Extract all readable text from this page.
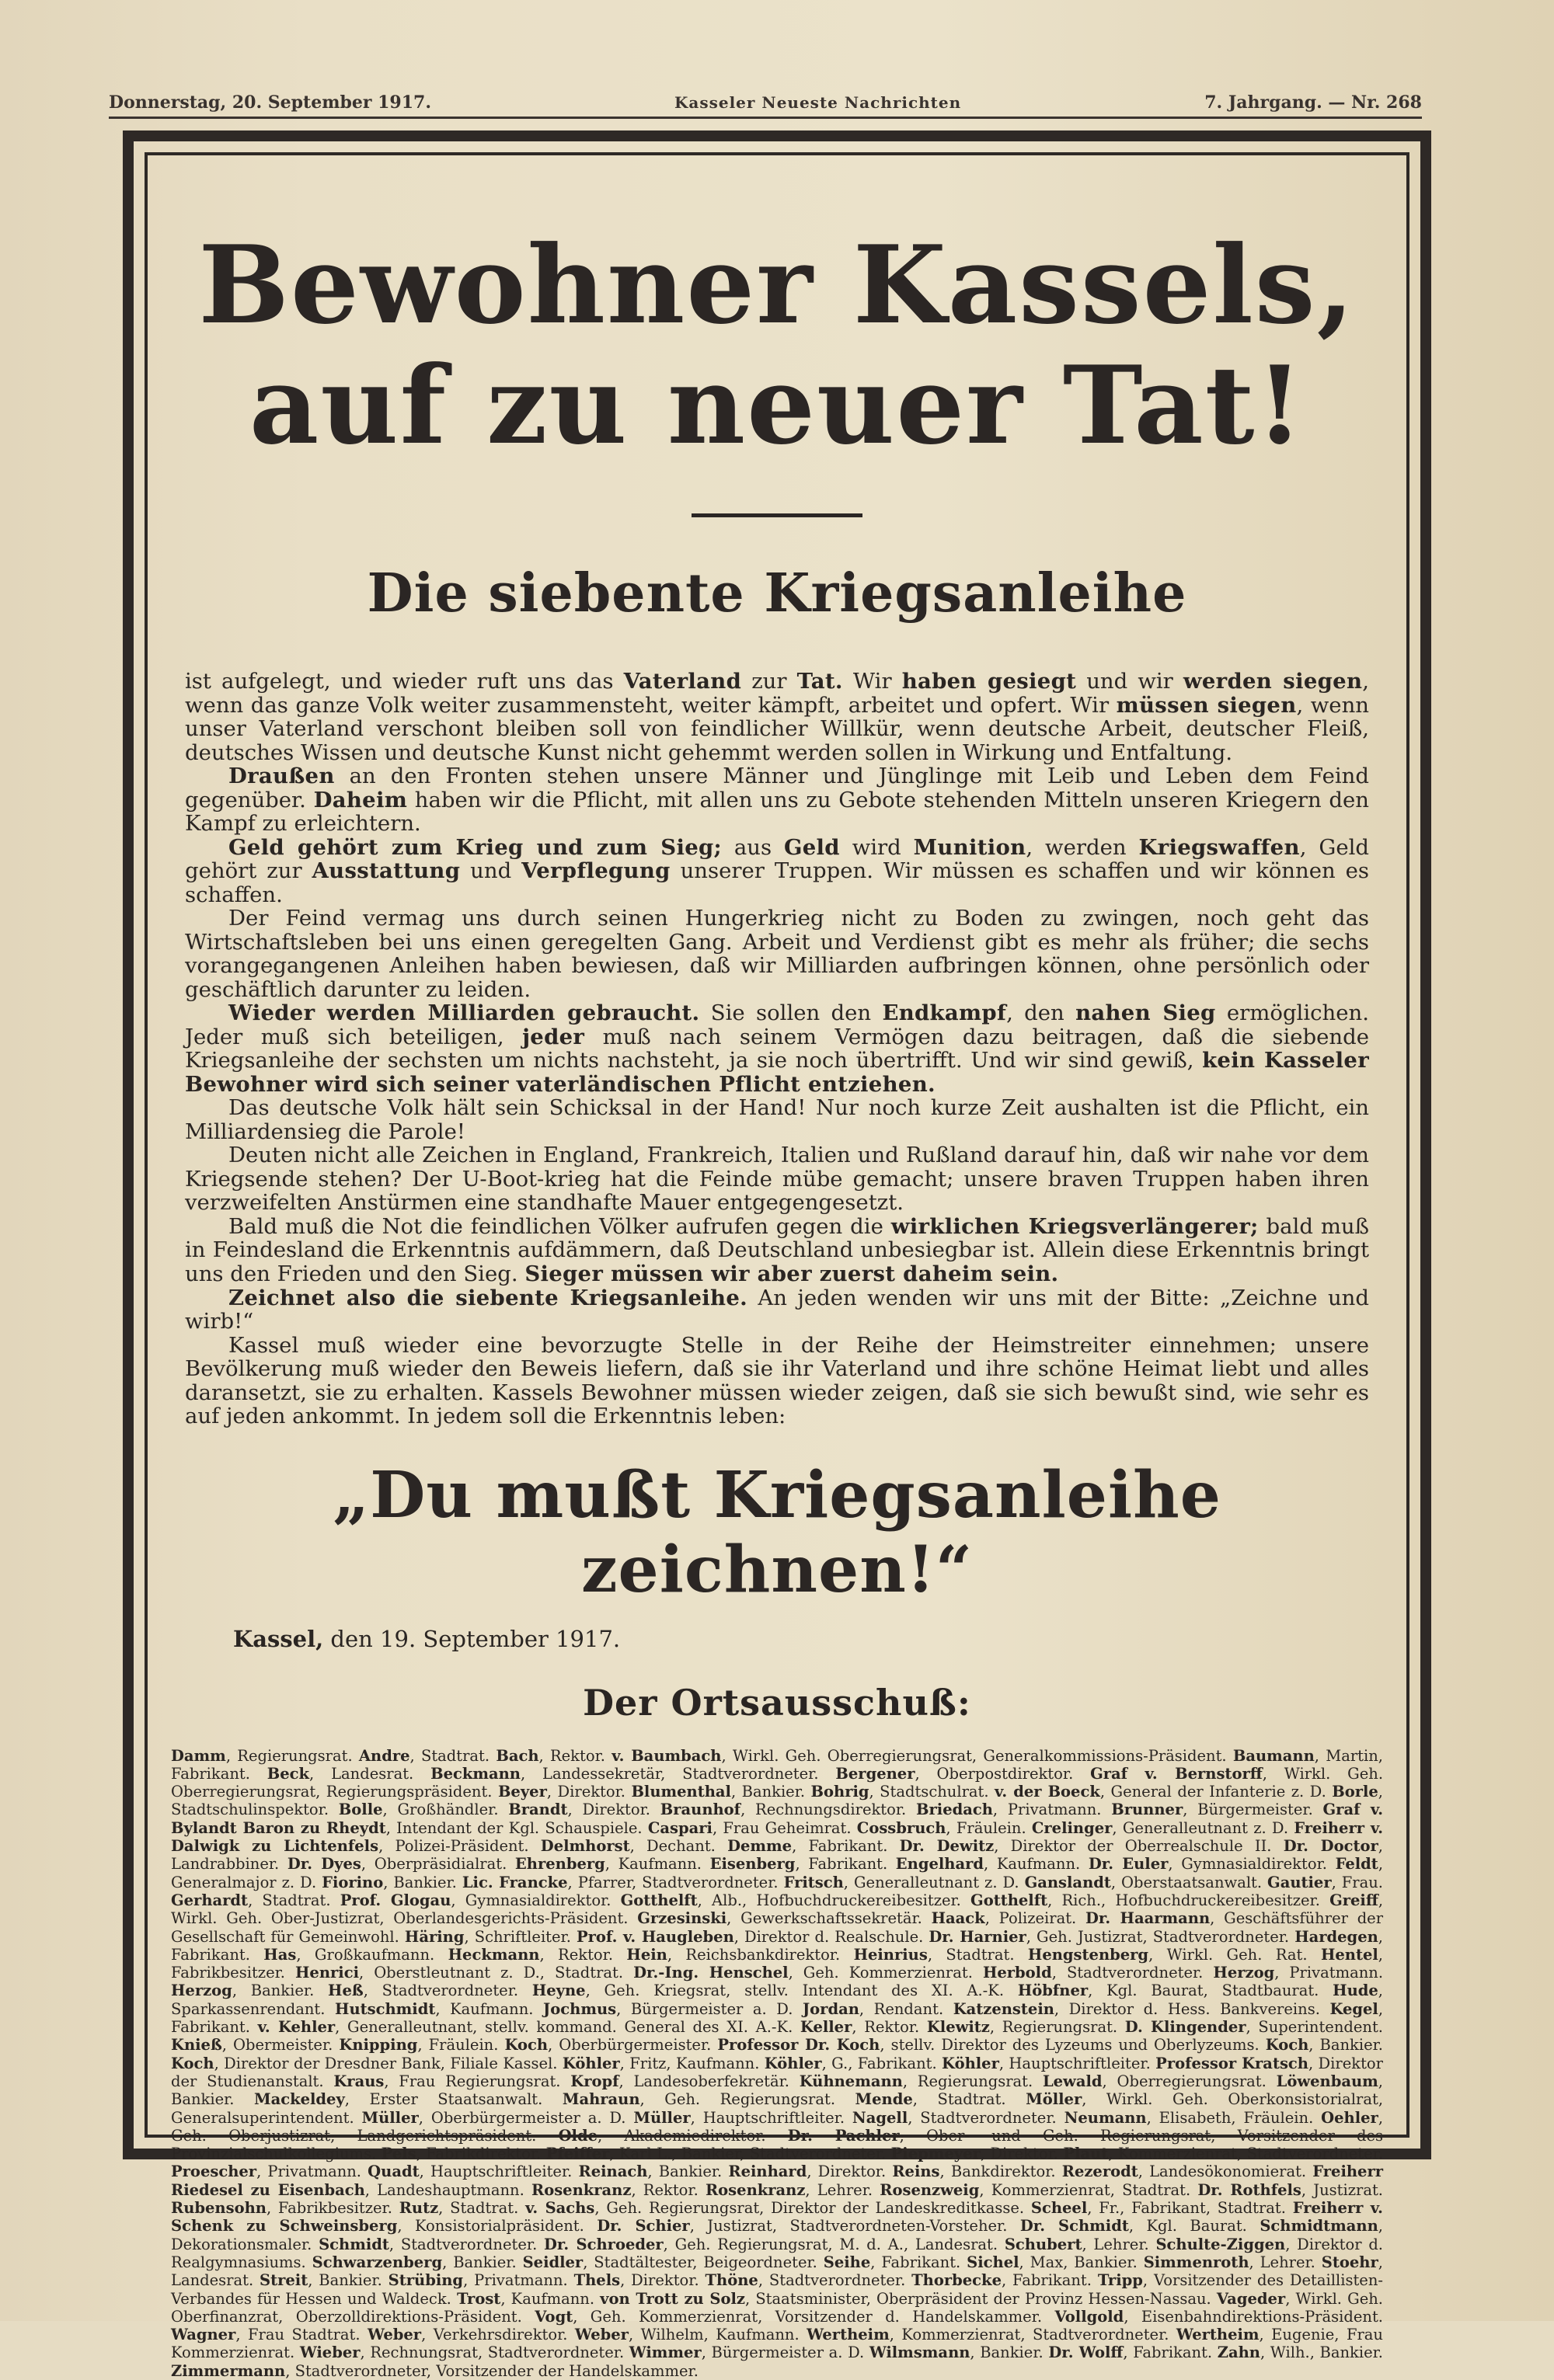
Donnerstag, 20. September 1917.	Kasseler Neueste Nachrichten	7. Jahrgang. — Nr. 268
Bewohner Kassels,
auf zu neuer Tat!
Die siebente Kriegsanleihe

ist aufgelegt, und wieder ruft uns das Vaterland zur Tat. Wir haben gesiegt und wir werden siegen, wenn das ganze Volk weiter zusammensteht, weiter kämpft, arbeitet und opfert. Wir müssen siegen, wenn unser Vaterland verschont bleiben soll von feindlicher Willkür, wenn deutsche Arbeit, deutscher Fleiß, deutsches Wissen und deutsche Kunst nicht gehemmt werden sollen in Wirkung und Entfaltung.

Draußen an den Fronten stehen unsere Männer und Jünglinge mit Leib und Leben dem Feind gegenüber. Daheim haben wir die Pflicht, mit allen uns zu Gebote stehenden Mitteln unseren Kriegern den Kampf zu erleichtern.

Geld gehört zum Krieg und zum Sieg; aus Geld wird Munition, werden Kriegswaffen, Geld gehört zur Ausstattung und Verpflegung unserer Truppen. Wir müssen es schaffen und wir können es schaffen.

Der Feind vermag uns durch seinen Hungerkrieg nicht zu Boden zu zwingen, noch geht das Wirtschaftsleben bei uns einen geregelten Gang. Arbeit und Verdienst gibt es mehr als früher; die sechs vorangegangenen Anleihen haben bewiesen, daß wir Milliarden aufbringen können, ohne persönlich oder geschäftlich darunter zu leiden.

Wieder werden Milliarden gebraucht. Sie sollen den Endkampf, den nahen Sieg ermöglichen. Jeder muß sich beteiligen, jeder muß nach seinem Vermögen dazu beitragen, daß die siebende Kriegsanleihe der sechsten um nichts nachsteht, ja sie noch übertrifft. Und wir sind gewiß, kein Kasseler Bewohner wird sich seiner vaterländischen Pflicht entziehen.

Das deutsche Volk hält sein Schicksal in der Hand! Nur noch kurze Zeit aushalten ist die Pflicht, ein Milliardensieg die Parole!

Deuten nicht alle Zeichen in England, Frankreich, Italien und Rußland darauf hin, daß wir nahe vor dem Kriegsende stehen? Der U-Boot-krieg hat die Feinde mübe gemacht; unsere braven Truppen haben ihren verzweifelten Anstürmen eine standhafte Mauer entgegengesetzt.

Bald muß die Not die feindlichen Völker aufrufen gegen die wirklichen Kriegsverlängerer; bald muß in Feindesland die Erkenntnis aufdämmern, daß Deutschland unbesiegbar ist. Allein diese Erkenntnis bringt uns den Frieden und den Sieg. Sieger müssen wir aber zuerst daheim sein.

Zeichnet also die siebente Kriegsanleihe. An jeden wenden wir uns mit der Bitte: „Zeichne und wirb!“

Kassel muß wieder eine bevorzugte Stelle in der Reihe der Heimstreiter einnehmen; unsere Bevölkerung muß wieder den Beweis liefern, daß sie ihr Vaterland und ihre schöne Heimat liebt und alles daransetzt, sie zu erhalten. Kassels Bewohner müssen wieder zeigen, daß sie sich bewußt sind, wie sehr es auf jeden ankommt. In jedem soll die Erkenntnis leben:

„Du mußt Kriegsanleihe zeichnen!“
Kassel, den 19. September 1917.
Der Ortsausschuß:
Damm, Regierungsrat. Andre, Stadtrat. Bach, Rektor. v. Baumbach, Wirkl. Geh. Oberregierungsrat, Generalkommissions-Präsident. Baumann, Martin, Fabrikant. Beck, Landesrat. Beckmann, Landessekretär, Stadtverordneter. Bergener, Oberpostdirektor. Graf v. Bernstorff, Wirkl. Geh. Oberregierungsrat, Regierungspräsident. Beyer, Direktor. Blumenthal, Bankier. Bohrig, Stadtschulrat. v. der Boeck, General der Infanterie z. D. Borle, Stadtschulinspektor. Bolle, Großhändler. Brandt, Direktor. Braunhof, Rechnungsdirektor. Briedach, Privatmann. Brunner, Bürgermeister. Graf v. Bylandt Baron zu Rheydt, Intendant der Kgl. Schauspiele. Caspari, Frau Geheimrat. Cossbruch, Fräulein. Crelinger, Generalleutnant z. D. Freiherr v. Dalwigk zu Lichtenfels, Polizei-Präsident. Delmhorst, Dechant. Demme, Fabrikant. Dr. Dewitz, Direktor der Oberrealschule II. Dr. Doctor, Landrabbiner. Dr. Dyes, Oberpräsidialrat. Ehrenberg, Kaufmann. Eisenberg, Fabrikant. Engelhard, Kaufmann. Dr. Euler, Gymnasialdirektor. Feldt, Generalmajor z. D. Fiorino, Bankier. Lic. Francke, Pfarrer, Stadtverordneter. Fritsch, Generalleutnant z. D. Ganslandt, Oberstaatsanwalt. Gautier, Frau. Gerhardt, Stadtrat. Prof. Glogau, Gymnasialdirektor. Gotthelft, Alb., Hofbuchdruckereibesitzer. Gotthelft, Rich., Hofbuchdruckereibesitzer. Greiff, Wirkl. Geh. Ober-Justizrat, Oberlandesgerichts-Präsident. Grzesinski, Gewerkschaftssekretär. Haack, Polizeirat. Dr. Haarmann, Geschäftsführer der Gesellschaft für Gemeinwohl. Häring, Schriftleiter. Prof. v. Haugleben, Direktor d. Realschule. Dr. Harnier, Geh. Justizrat, Stadtverordneter. Hardegen, Fabrikant. Has, Großkaufmann. Heckmann, Rektor. Hein, Reichsbankdirektor. Heinrius, Stadtrat. Hengstenberg, Wirkl. Geh. Rat. Hentel, Fabrikbesitzer. Henrici, Oberstleutnant z. D., Stadtrat. Dr.-Ing. Henschel, Geh. Kommerzienrat. Herbold, Stadtverordneter. Herzog, Privatmann. Herzog, Bankier. Heß, Stadtverordneter. Heyne, Geh. Kriegsrat, stellv. Intendant des XI. A.-K. Höbfner, Kgl. Baurat, Stadtbaurat. Hude, Sparkassenrendant. Hutschmidt, Kaufmann. Jochmus, Bürgermeister a. D. Jordan, Rendant. Katzenstein, Direktor d. Hess. Bankvereins. Kegel, Fabrikant. v. Kehler, Generalleutnant, stellv. kommand. General des XI. A.-K. Keller, Rektor. Klewitz, Regierungsrat. D. Klingender, Superintendent. Knieß, Obermeister. Knipping, Fräulein. Koch, Oberbürgermeister. Professor Dr. Koch, stellv. Direktor des Lyzeums und Oberlyzeums. Koch, Bankier. Koch, Direktor der Dresdner Bank, Filiale Kassel. Köhler, Fritz, Kaufmann. Köhler, G., Fabrikant. Köhler, Hauptschriftleiter. Professor Kratsch, Direktor der Studienanstalt. Kraus, Frau Regierungsrat. Kropf, Landesoberfekretär. Kühnemann, Regierungsrat. Lewald, Oberregierungsrat. Löwenbaum, Bankier. Mackeldey, Erster Staatsanwalt. Mahraun, Geh. Regierungsrat. Mende, Stadtrat. Möller, Wirkl. Geh. Oberkonsistorialrat, Generalsuperintendent. Müller, Oberbürgermeister a. D. Müller, Hauptschriftleiter. Nagell, Stadtverordneter. Neumann, Elisabeth, Fräulein. Oehler, Geh. Oberjustizrat, Landgerichtspräsident. Olde, Akademiedirektor. Dr. Pachler, Ober- und Geh. Regierungsrat, Vorsitzender des Provinzialschulkollegiums. Pels, Fabrikdirektor. Pfeiffer, Karl L., Bankier, Stadtverordneter. Piepmeyer, Direktor. Plaut, Kommerzienrat, Stadtverordneter. Proescher, Privatmann. Quadt, Hauptschriftleiter. Reinach, Bankier. Reinhard, Direktor. Reins, Bankdirektor. Rezerodt, Landesökonomierat. Freiherr Riedesel zu Eisenbach, Landeshauptmann. Rosenkranz, Rektor. Rosenkranz, Lehrer. Rosenzweig, Kommerzienrat, Stadtrat. Dr. Rothfels, Justizrat. Rubensohn, Fabrikbesitzer. Rutz, Stadtrat. v. Sachs, Geh. Regierungsrat, Direktor der Landeskreditkasse. Scheel, Fr., Fabrikant, Stadtrat. Freiherr v. Schenk zu Schweinsberg, Konsistorialpräsident. Dr. Schier, Justizrat, Stadtverordneten-Vorsteher. Dr. Schmidt, Kgl. Baurat. Schmidtmann, Dekorationsmaler. Schmidt, Stadtverordneter. Dr. Schroeder, Geh. Regierungsrat, M. d. A., Landesrat. Schubert, Lehrer. Schulte-Ziggen, Direktor d. Realgymnasiums. Schwarzenberg, Bankier. Seidler, Stadtältester, Beigeordneter. Seihe, Fabrikant. Sichel, Max, Bankier. Simmenroth, Lehrer. Stoehr, Landesrat. Streit, Bankier. Strübing, Privatmann. Thels, Direktor. Thöne, Stadtverordneter. Thorbecke, Fabrikant. Tripp, Vorsitzender des Detaillisten-Verbandes für Hessen und Waldeck. Trost, Kaufmann. von Trott zu Solz, Staatsminister, Oberpräsident der Provinz Hessen-Nassau. Vageder, Wirkl. Geh. Oberfinanzrat, Oberzolldirektions-Präsident. Vogt, Geh. Kommerzienrat, Vorsitzender d. Handelskammer. Vollgold, Eisenbahndirektions-Präsident. Wagner, Frau Stadtrat. Weber, Verkehrsdirektor. Weber, Wilhelm, Kaufmann. Wertheim, Kommerzienrat, Stadtverordneter. Wertheim, Eugenie, Frau Kommerzienrat. Wieber, Rechnungsrat, Stadtverordneter. Wimmer, Bürgermeister a. D. Wilmsmann, Bankier. Dr. Wolff, Fabrikant. Zahn, Wilh., Bankier. Zimmermann, Stadtverordneter, Vorsitzender der Handelskammer.
